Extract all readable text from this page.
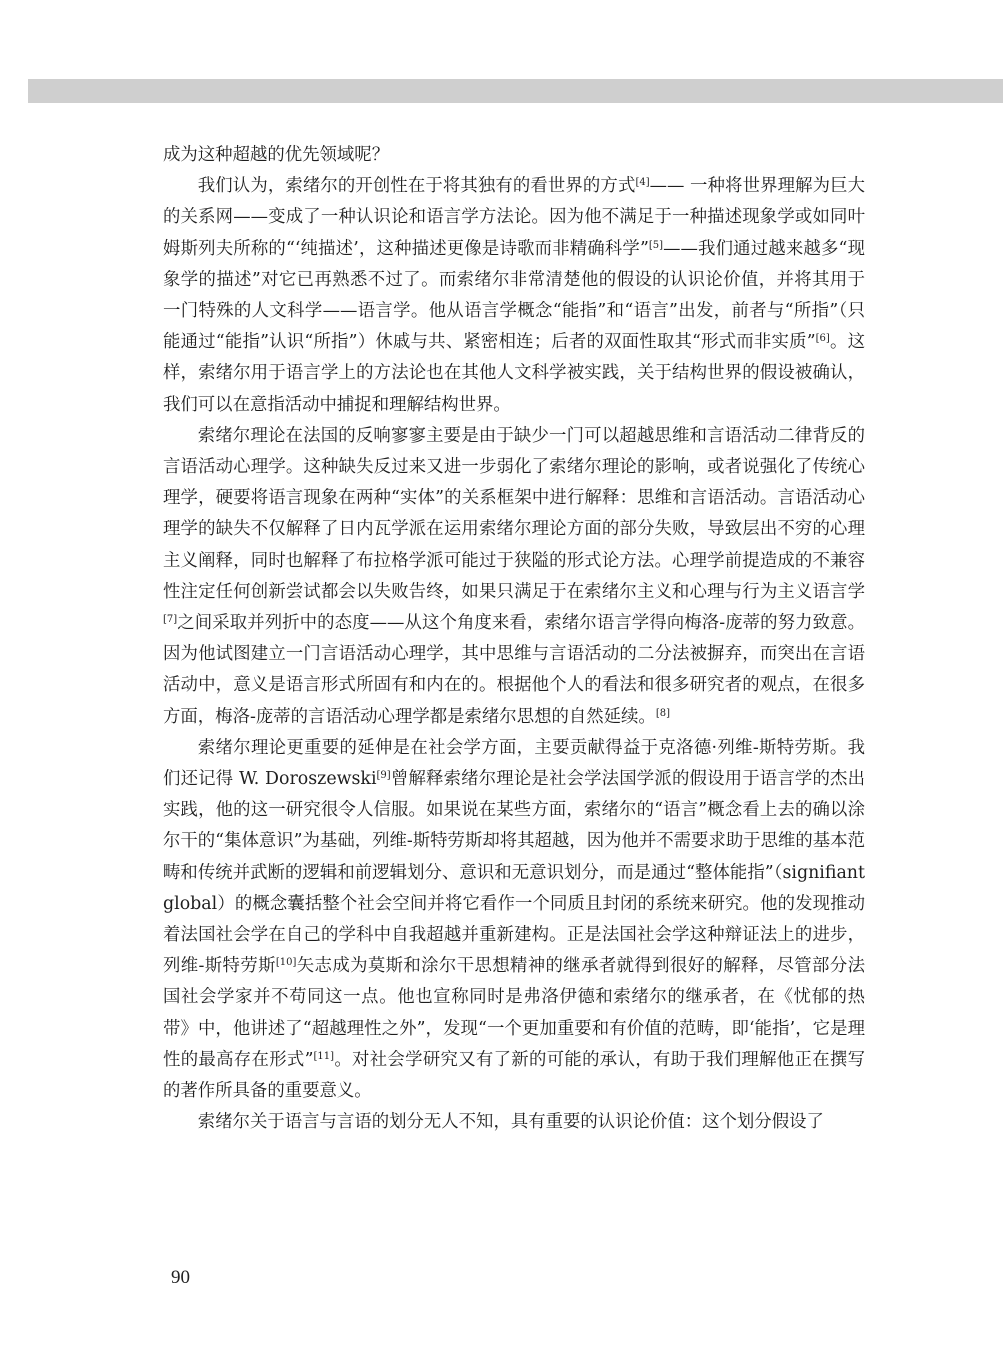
成为这种超越的优先领域呢？

我们认为，索绪尔的开创性在于将其独有的看世界的方式[4]—— 一种将世界理解为巨大的关系网——变成了一种认识论和语言学方法论。因为他不满足于一种描述现象学或如同叶姆斯列夫所称的“‘纯描述’，这种描述更像是诗歌而非精确科学”[5]——我们通过越来越多“现象学的描述”对它已再熟悉不过了。而索绪尔非常清楚他的假设的认识论价值，并将其用于一门特殊的人文科学——语言学。他从语言学概念“能指”和“语言”出发，前者与“所指”（只能通过“能指”认识“所指”）休戚与共、紧密相连；后者的双面性取其“形式而非实质”[6]。这样，索绪尔用于语言学上的方法论也在其他人文科学被实践，关于结构世界的假设被确认，我们可以在意指活动中捕捉和理解结构世界。

索绪尔理论在法国的反响寥寥主要是由于缺少一门可以超越思维和言语活动二律背反的言语活动心理学。这种缺失反过来又进一步弱化了索绪尔理论的影响，或者说强化了传统心理学，硬要将语言现象在两种“实体”的关系框架中进行解释：思维和言语活动。言语活动心理学的缺失不仅解释了日内瓦学派在运用索绪尔理论方面的部分失败，导致层出不穷的心理主义阐释，同时也解释了布拉格学派可能过于狭隘的形式论方法。心理学前提造成的不兼容性注定任何创新尝试都会以失败告终，如果只满足于在索绪尔主义和心理与行为主义语言学[7]之间采取并列折中的态度——从这个角度来看，索绪尔语言学得向梅洛-庞蒂的努力致意。因为他试图建立一门言语活动心理学，其中思维与言语活动的二分法被摒弃，而突出在言语活动中，意义是语言形式所固有和内在的。根据他个人的看法和很多研究者的观点，在很多方面，梅洛-庞蒂的言语活动心理学都是索绪尔思想的自然延续。[8]

索绪尔理论更重要的延伸是在社会学方面，主要贡献得益于克洛德·列维-斯特劳斯。我们还记得 W. Doroszewski[9]曾解释索绪尔理论是社会学法国学派的假设用于语言学的杰出实践，他的这一研究很令人信服。如果说在某些方面，索绪尔的“语言”概念看上去的确以涂尔干的“集体意识”为基础，列维-斯特劳斯却将其超越，因为他并不需要求助于思维的基本范畴和传统并武断的逻辑和前逻辑划分、意识和无意识划分，而是通过“整体能指”（signifiant global）的概念囊括整个社会空间并将它看作一个同质且封闭的系统来研究。他的发现推动着法国社会学在自己的学科中自我超越并重新建构。正是法国社会学这种辩证法上的进步，列维-斯特劳斯[10]矢志成为莫斯和涂尔干思想精神的继承者就得到很好的解释，尽管部分法国社会学家并不苟同这一点。他也宣称同时是弗洛伊德和索绪尔的继承者，在《忧郁的热带》中，他讲述了“超越理性之外”，发现“一个更加重要和有价值的范畴，即‘能指’，它是理性的最高存在形式”[11]。对社会学研究又有了新的可能的承认，有助于我们理解他正在撰写的著作所具备的重要意义。

索绪尔关于语言与言语的划分无人不知，具有重要的认识论价值：这个划分假设了

90
